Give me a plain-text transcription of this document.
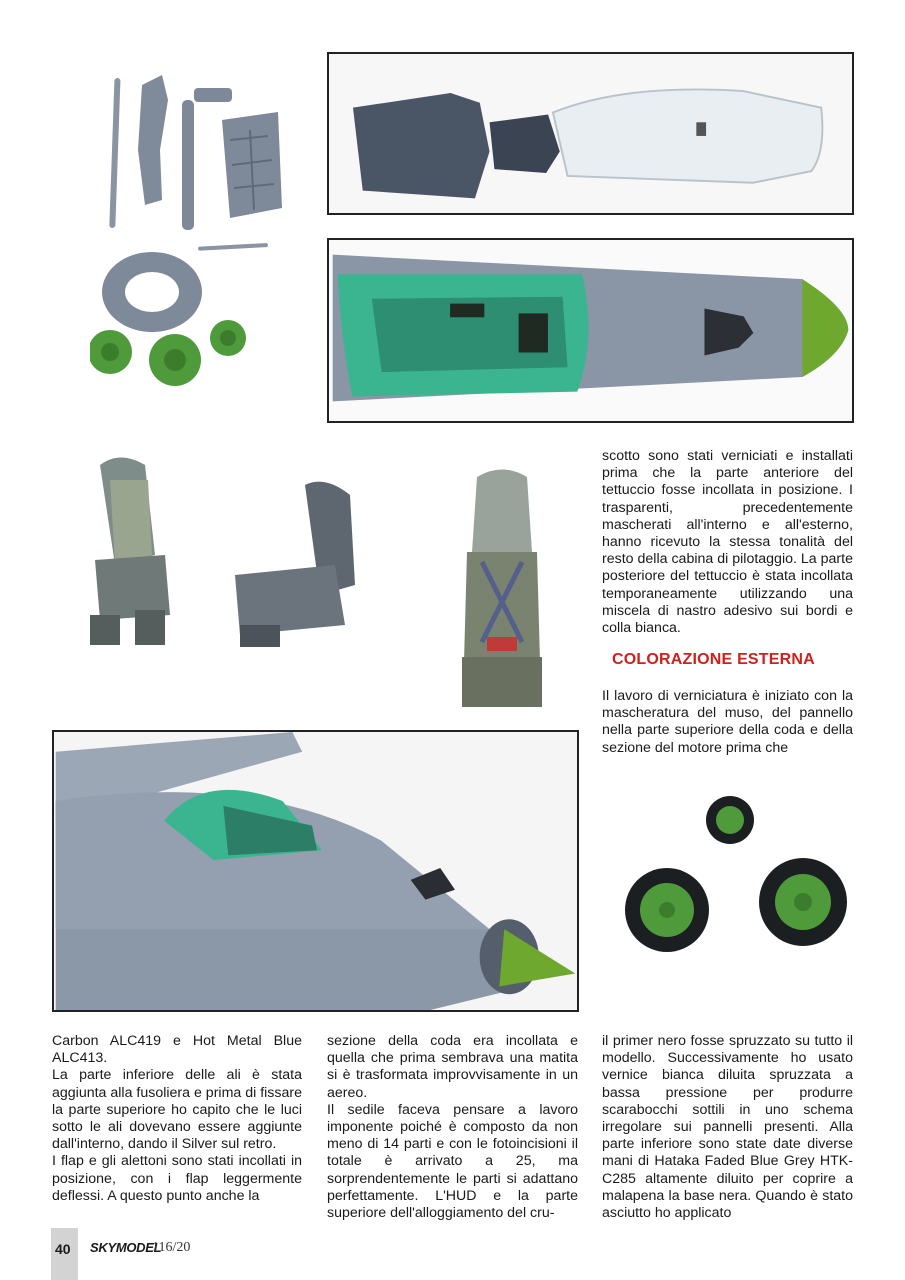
scotto sono stati verniciati e installati prima che la parte anteriore del tettuccio fosse incollata in posizione. I trasparenti, precedentemente mascherati all'interno e all'esterno, hanno ricevuto la stessa tonalità del resto della cabina di pilotaggio. La parte posteriore del tettuccio è stata incollata temporaneamente utilizzando una miscela di nastro adesivo sui bordi e colla bianca.

COLORAZIONE ESTERNA

Il lavoro di verniciatura è iniziato con la mascheratura del muso, del pannello nella parte superiore della coda e della sezione del motore prima che

Carbon ALC419 e Hot Metal Blue ALC413.

La parte inferiore delle ali è stata aggiunta alla fusoliera e prima di fissare la parte superiore ho capito che le luci sotto le ali dovevano essere aggiunte dall'interno, dando il Silver sul retro.

I flap e gli alettoni sono stati incollati in posizione, con i flap leggermente deflessi. A questo punto anche la

sezione della coda era incollata e quella che prima sembrava una matita si è trasformata improvvisamente in un aereo.

Il sedile faceva pensare a lavoro imponente poiché è composto da non meno di 14 parti e con le fotoincisioni il totale è arrivato a 25, ma sorprendentemente le parti si adattano perfettamente. L'HUD e la parte superiore dell'alloggiamento del cru-

il primer nero fosse spruzzato su tutto il modello. Successivamente ho usato vernice bianca diluita spruzzata a bassa pressione per produrre scarabocchi sottili in uno schema irregolare sui pannelli presenti. Alla parte inferiore sono state date diverse mani di Hataka Faded Blue Grey HTK-C285 altamente diluito per coprire a malapena la base nera. Quando è stato asciutto ho applicato

40 SKYMODEL
116/20
